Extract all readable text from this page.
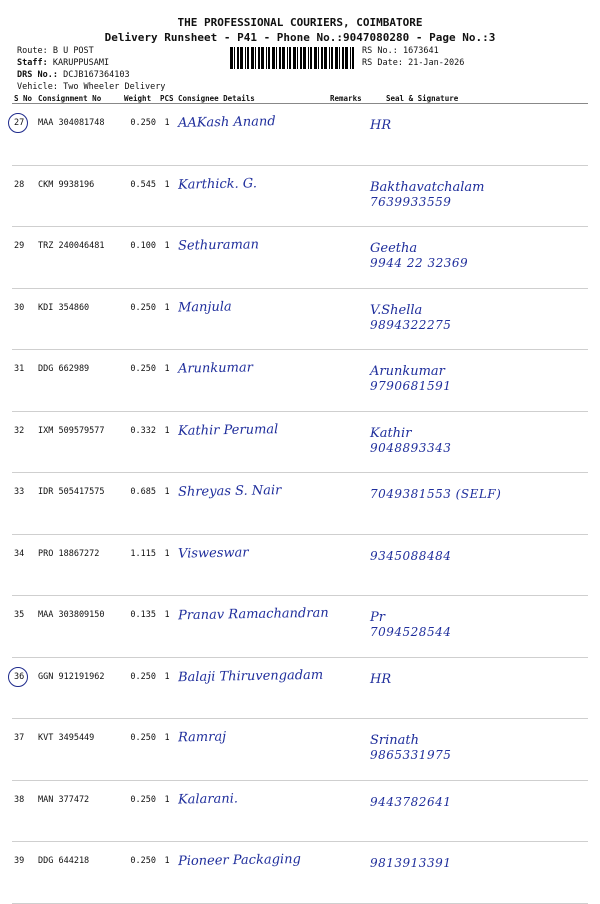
THE PROFESSIONAL COURIERS, COIMBATORE
Delivery Runsheet - P41 - Phone No.:9047080280 - Page No.:3
Route: B U POST
Staff: KARUPPUSAMI
DRS No.: DCJB167364103
Vehicle: Two Wheeler Delivery
RS No.: 1673641
RS Date: 21-Jan-2026
S No	Consignment No	Weight	PCS	Consignee Details	Remarks	Seal & Signature

27	MAA 304081748	0.250	1	AAKash Anand		HR

28	CKM 9938196	0.545	1	Karthick. G.		Bakthavatchalam
7639933559

29	TRZ 240046481	0.100	1	Sethuraman		Geetha
9944 22 32369

30	KDI 354860	0.250	1	Manjula		V.Shella
9894322275

31	DDG 662989	0.250	1	Arunkumar		Arunkumar
9790681591

32	IXM 509579577	0.332	1	Kathir Perumal		Kathir
9048893343

33	IDR 505417575	0.685	1	Shreyas S. Nair		7049381553 (SELF)

34	PRO 18867272	1.115	1	Visweswar		9345088484

35	MAA 303809150	0.135	1	Pranav Ramachandran		Pr
7094528544

36	GGN 912191962	0.250	1	Balaji Thiruvengadam		HR

37	KVT 3495449	0.250	1	Ramraj		Srinath
9865331975

38	MAN 377472	0.250	1	Kalarani.		9443782641

39	DDG 644218	0.250	1	Pioneer Packaging		9813913391
